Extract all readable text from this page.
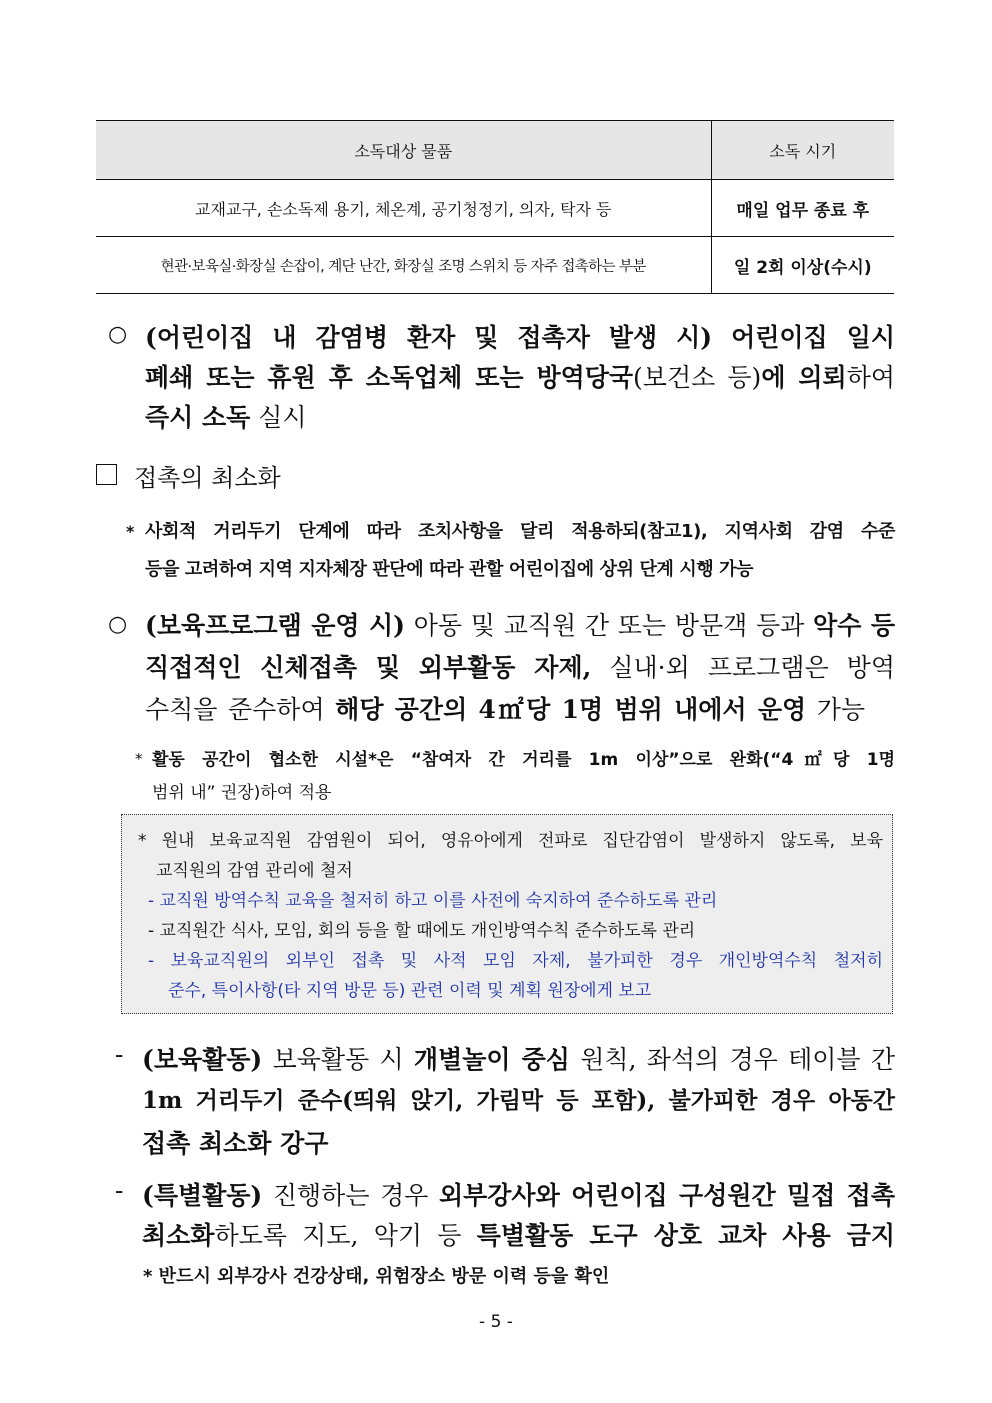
소독대상 물품	소독 시기
교재교구, 손소독제 용기, 체온계, 공기청정기, 의자, 탁자 등	매일 업무 종료 후
현관·보육실·화장실 손잡이, 계단 난간, 화장실 조명 스위치 등 자주 접촉하는 부분	일 2회 이상(수시)
○ (어린이집 내 감염병 환자 및 접촉자 발생 시) 어린이집 일시
폐쇄 또는 휴원 후 소독업체 또는 방역당국(보건소 등)에 의뢰하여
즉시 소독 실시
접촉의 최소화
* 사회적 거리두기 단계에 따라 조치사항을 달리 적용하되(참고1), 지역사회 감염 수준
등을 고려하여 지역 지자체장 판단에 따라 관할 어린이집에 상위 단계 시행 가능
○ (보육프로그램 운영 시) 아동 및 교직원 간 또는 방문객 등과 악수 등
직접적인 신체접촉 및 외부활동 자제, 실내·외 프로그램은 방역
수칙을 준수하여 해당 공간의 4㎡당 1명 범위 내에서 운영 가능
* 활동 공간이 협소한 시설*은 “참여자 간 거리를 1m 이상”으로 완화(“4㎡당 1명
범위 내” 권장)하여 적용
* 원내 보육교직원 감염원이 되어, 영유아에게 전파로 집단감염이 발생하지 않도록, 보육
교직원의 감염 관리에 철저
- 교직원 방역수칙 교육을 철저히 하고 이를 사전에 숙지하여 준수하도록 관리
- 교직원간 식사, 모임, 회의 등을 할 때에도 개인방역수칙 준수하도록 관리
- 보육교직원의 외부인 접촉 및 사적 모임 자제, 불가피한 경우 개인방역수칙 철저히
준수, 특이사항(타 지역 방문 등) 관련 이력 및 계획 원장에게 보고
- (보육활동) 보육활동 시 개별놀이 중심 원칙, 좌석의 경우 테이블 간
1m 거리두기 준수(띄워 앉기, 가림막 등 포함), 불가피한 경우 아동간
접촉 최소화 강구
- (특별활동) 진행하는 경우 외부강사와 어린이집 구성원간 밀접 접촉
최소화하도록 지도, 악기 등 특별활동 도구 상호 교차 사용 금지
* 반드시 외부강사 건강상태, 위험장소 방문 이력 등을 확인
- 5 -
